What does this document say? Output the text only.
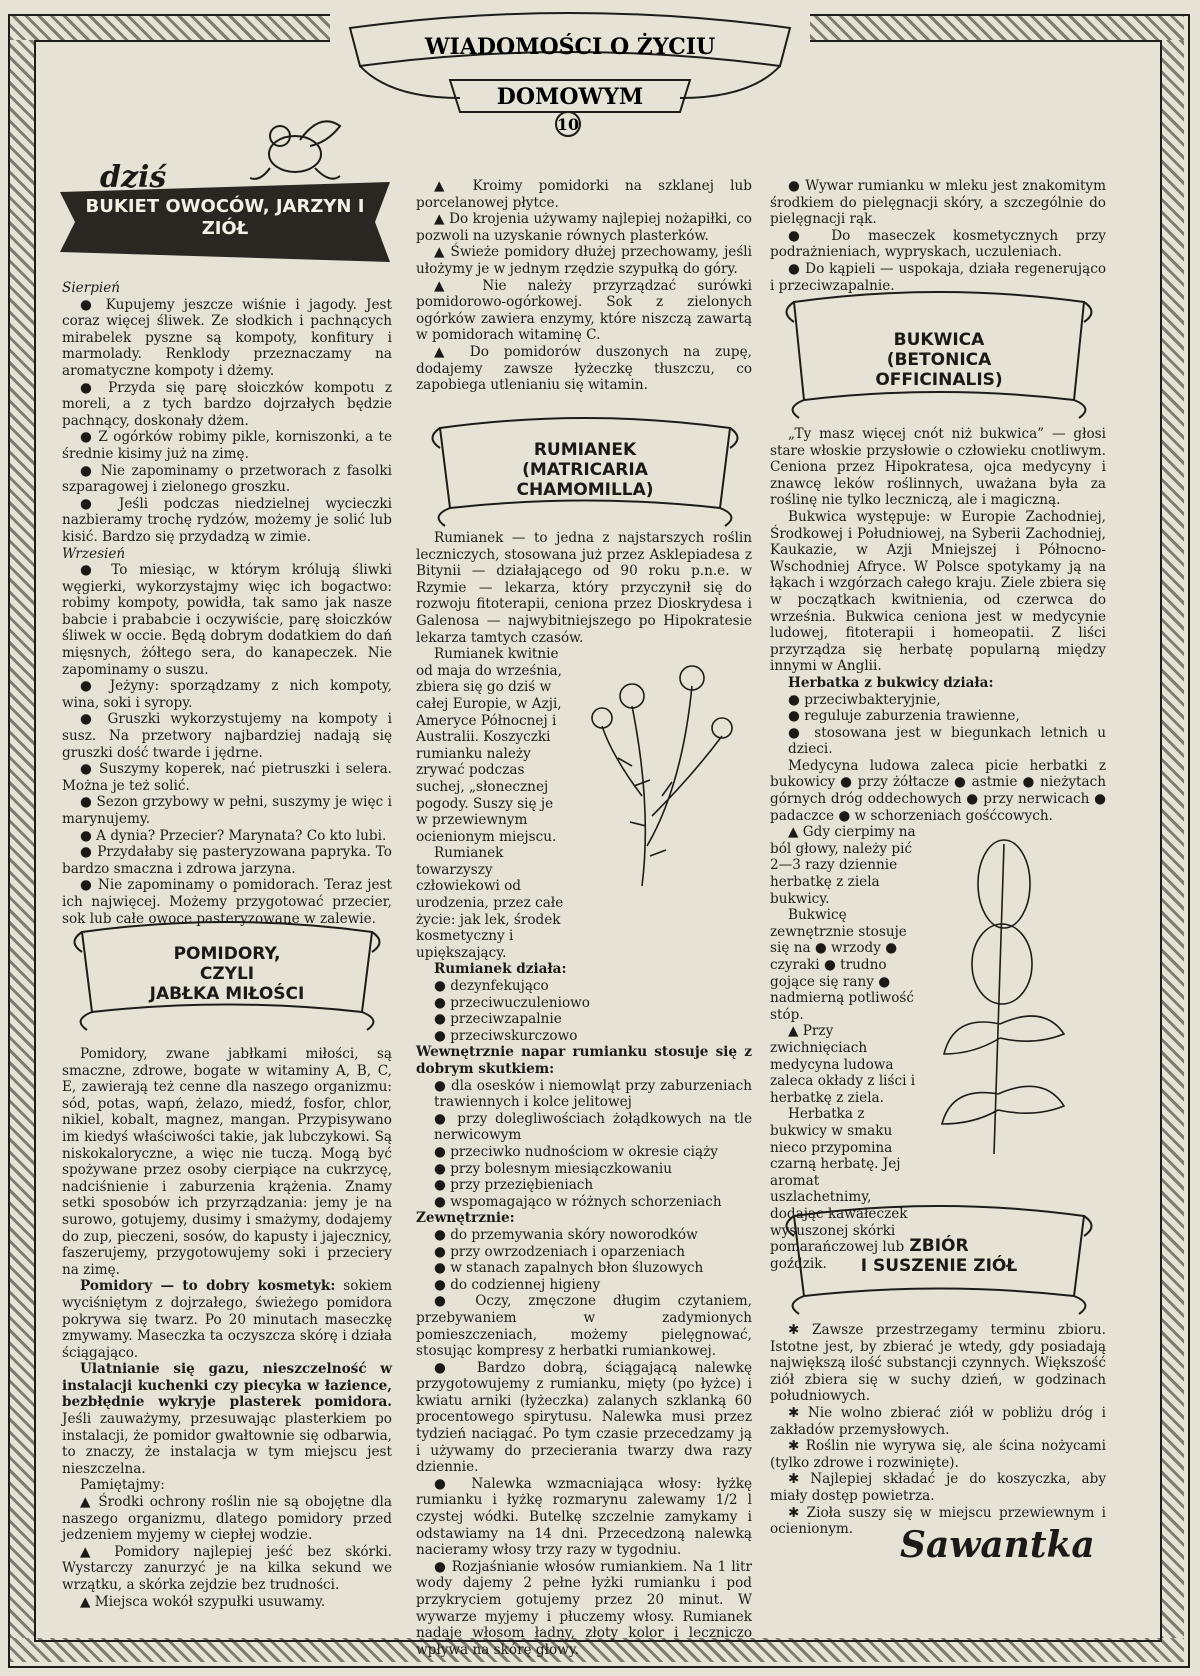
WIADOMOŚCI O ŻYCIU
DOMOWYM
10
dziś
BUKIET OWOCÓW, JARZYN I ZIÓŁ

Sierpień

● Kupujemy jeszcze wiśnie i jagody. Jest coraz więcej śliwek. Ze słodkich i pachnących mirabelek pyszne są kompoty, konfitury i marmolady. Renklody przeznaczamy na aromatyczne kompoty i dżemy.

● Przyda się parę słoiczków kompotu z moreli, a z tych bardzo dojrzałych będzie pachnący, doskonały dżem.

● Z ogórków robimy pikle, korniszonki, a te średnie kisimy już na zimę.

● Nie zapominamy o przetworach z fasolki szparagowej i zielonego groszku.

● Jeśli podczas niedzielnej wycieczki nazbieramy trochę rydzów, możemy je solić lub kisić. Bardzo się przydadzą w zimie.

Wrzesień

● To miesiąc, w którym królują śliwki węgierki, wykorzystajmy więc ich bogactwo: robimy kompoty, powidła, tak samo jak nasze babcie i prababcie i oczywiście, parę słoiczków śliwek w occie. Będą dobrym dodatkiem do dań mięsnych, żółtego sera, do kanapeczek. Nie zapominamy o suszu.

● Jeżyny: sporządzamy z nich kompoty, wina, soki i syropy.

● Gruszki wykorzystujemy na kompoty i susz. Na przetwory najbardziej nadają się gruszki dość twarde i jędrne.

● Suszymy koperek, nać pietruszki i selera. Można je też solić.

● Sezon grzybowy w pełni, suszymy je więc i marynujemy.

● A dynia? Przecier? Marynata? Co kto lubi.

● Przydałaby się pasteryzowana papryka. To bardzo smaczna i zdrowa jarzyna.

● Nie zapominamy o pomidorach. Teraz jest ich najwięcej. Możemy przygotować przecier, sok lub całe owoce pasteryzowane w zalewie.

POMIDORY,
CZYLI
JABŁKA MIŁOŚCI

Pomidory, zwane jabłkami miłości, są smaczne, zdrowe, bogate w witaminy A, B, C, E, zawierają też cenne dla naszego organizmu: sód, potas, wapń, żelazo, miedź, fosfor, chlor, nikiel, kobalt, magnez, mangan. Przypisywano im kiedyś właściwości takie, jak lubczykowi. Są niskokaloryczne, a więc nie tuczą. Mogą być spożywane przez osoby cierpiące na cukrzycę, nadciśnienie i zaburzenia krążenia. Znamy setki sposobów ich przyrządzania: jemy je na surowo, gotujemy, dusimy i smażymy, dodajemy do zup, pieczeni, sosów, do kapusty i jajecznicy, faszerujemy, przygotowujemy soki i przeciery na zimę.

Pomidory — to dobry kosmetyk: sokiem wyciśniętym z dojrzałego, świeżego pomidora pokrywa się twarz. Po 20 minutach maseczkę zmywamy. Maseczka ta oczyszcza skórę i działa ściągająco.

Ulatnianie się gazu, nieszczelność w instalacji kuchenki czy piecyka w łazience, bezbłędnie wykryje plasterek pomidora. Jeśli zauważymy, przesuwając plasterkiem po instalacji, że pomidor gwałtownie się odbarwia, to znaczy, że instalacja w tym miejscu jest nieszczelna.

Pamiętajmy:

▲ Środki ochrony roślin nie są obojętne dla naszego organizmu, dlatego pomidory przed jedzeniem myjemy w ciepłej wodzie.

▲ Pomidory najlepiej jeść bez skórki. Wystarczy zanurzyć je na kilka sekund we wrzątku, a skórka zejdzie bez trudności.

▲ Miejsca wokół szypułki usuwamy.

▲ Kroimy pomidorki na szklanej lub porcelanowej płytce.

▲ Do krojenia używamy najlepiej nożapiłki, co pozwoli na uzyskanie równych plasterków.

▲ Świeże pomidory dłużej przechowamy, jeśli ułożymy je w jednym rzędzie szypułką do góry.

▲ Nie należy przyrządzać surówki pomidorowo-ogórkowej. Sok z zielonych ogórków zawiera enzymy, które niszczą zawartą w pomidorach witaminę C.

▲ Do pomidorów duszonych na zupę, dodajemy zawsze łyżeczkę tłuszczu, co zapobiega utlenianiu się witamin.

RUMIANEK
(MATRICARIA
CHAMOMILLA)

Rumianek — to jedna z najstarszych roślin leczniczych, stosowana już przez Asklepiadesa z Bitynii — działającego od 90 roku p.n.e. w Rzymie — lekarza, który przyczynił się do rozwoju fitoterapii, ceniona przez Dioskrydesa i Galenosa — najwybitniejszego po Hipokratesie lekarza tamtych czasów.

Rumianek kwitnie od maja do września, zbiera się go dziś w całej Europie, w Azji, Ameryce Północnej i Australii. Koszyczki rumianku należy zrywać podczas suchej, „słonecznej pogody. Suszy się je w przewiewnym ocienionym miejscu.

Rumianek towarzyszy człowiekowi od urodzenia, przez całe życie: jak lek, środek kosmetyczny i upiększający.

Rumianek działa:

● dezynfekująco

● przeciwuczuleniowo

● przeciwzapalnie

● przeciwskurczowo

Wewnętrznie napar rumianku stosuje się z dobrym skutkiem:

● dla osesków i niemowląt przy zaburzeniach trawiennych i kolce jelitowej

● przy dolegliwościach żołądkowych na tle nerwicowym

● przeciwko nudnościom w okresie ciąży

● przy bolesnym miesiączkowaniu

● przy przeziębieniach

● wspomagająco w różnych schorzeniach

Zewnętrznie:

● do przemywania skóry noworodków

● przy owrzodzeniach i oparzeniach

● w stanach zapalnych błon śluzowych

● do codziennej higieny

● Oczy, zmęczone długim czytaniem, przebywaniem w zadymionych pomieszczeniach, możemy pielęgnować, stosując kompresy z herbatki rumiankowej.

● Bardzo dobrą, ściągającą nalewkę przygotowujemy z rumianku, mięty (po łyżce) i kwiatu arniki (łyżeczka) zalanych szklanką 60 procentowego spirytusu. Nalewka musi przez tydzień naciągać. Po tym czasie przecedzamy ją i używamy do przecierania twarzy dwa razy dziennie.

● Nalewka wzmacniająca włosy: łyżkę rumianku i łyżkę rozmarynu zalewamy 1/2 l czystej wódki. Butelkę szczelnie zamykamy i odstawiamy na 14 dni. Przecedzoną nalewką nacieramy włosy trzy razy w tygodniu.

● Rozjaśnianie włosów rumiankiem. Na 1 litr wody dajemy 2 pełne łyżki rumianku i pod przykryciem gotujemy przez 20 minut. W wywarze myjemy i płuczemy włosy. Rumianek nadaje włosom ładny, złoty kolor i leczniczo wpływa na skórę głowy.

● Wywar rumianku w mleku jest znakomitym środkiem do pielęgnacji skóry, a szczególnie do pielęgnacji rąk.

● Do maseczek kosmetycznych przy podrażnieniach, wypryskach, uczuleniach.

● Do kąpieli — uspokaja, działa regenerująco i przeciwzapalnie.

BUKWICA
(BETONICA
OFFICINALIS)

„Ty masz więcej cnót niż bukwica” — głosi stare włoskie przysłowie o człowieku cnotliwym. Ceniona przez Hipokratesa, ojca medycyny i znawcę leków roślinnych, uważana była za roślinę nie tylko leczniczą, ale i magiczną.

Bukwica występuje: w Europie Zachodniej, Środkowej i Południowej, na Syberii Zachodniej, Kaukazie, w Azji Mniejszej i Północno-Wschodniej Afryce. W Polsce spotykamy ją na łąkach i wzgórzach całego kraju. Ziele zbiera się w początkach kwitnienia, od czerwca do września. Bukwica ceniona jest w medycynie ludowej, fitoterapii i homeopatii. Z liści przyrządza się herbatę popularną między innymi w Anglii.

Herbatka z bukwicy działa:

● przeciwbakteryjnie,

● reguluje zaburzenia trawienne,

● stosowana jest w biegunkach letnich u dzieci.

Medycyna ludowa zaleca picie herbatki z bukowicy ● przy żółtacze ● astmie ● nieżytach górnych dróg oddechowych ● przy nerwicach ● padaczce ● w schorzeniach gośćcowych.

▲ Gdy cierpimy na ból głowy, należy pić 2—3 razy dziennie herbatkę z ziela bukwicy.

Bukwicę zewnętrznie stosuje się na ● wrzody ● czyraki ● trudno gojące się rany ● nadmierną potliwość stóp.

▲ Przy zwichnięciach medycyna ludowa zaleca okłady z liści i herbatkę z ziela.

Herbatka z bukwicy w smaku nieco przypomina czarną herbatę. Jej aromat uszlachetnimy, dodając kawałeczek wysuszonej skórki pomarańczowej lub goździk.

ZBIÓR
I SUSZENIE ZIÓŁ

✱ Zawsze przestrzegamy terminu zbioru. Istotne jest, by zbierać je wtedy, gdy posiadają największą ilość substancji czynnych. Większość ziół zbiera się w suchy dzień, w godzinach południowych.

✱ Nie wolno zbierać ziół w pobliżu dróg i zakładów przemysłowych.

✱ Roślin nie wyrywa się, ale ścina nożycami (tylko zdrowe i rozwinięte).

✱ Najlepiej składać je do koszyczka, aby miały dostęp powietrza.

✱ Zioła suszy się w miejscu przewiewnym i ocienionym.	Sawantka
